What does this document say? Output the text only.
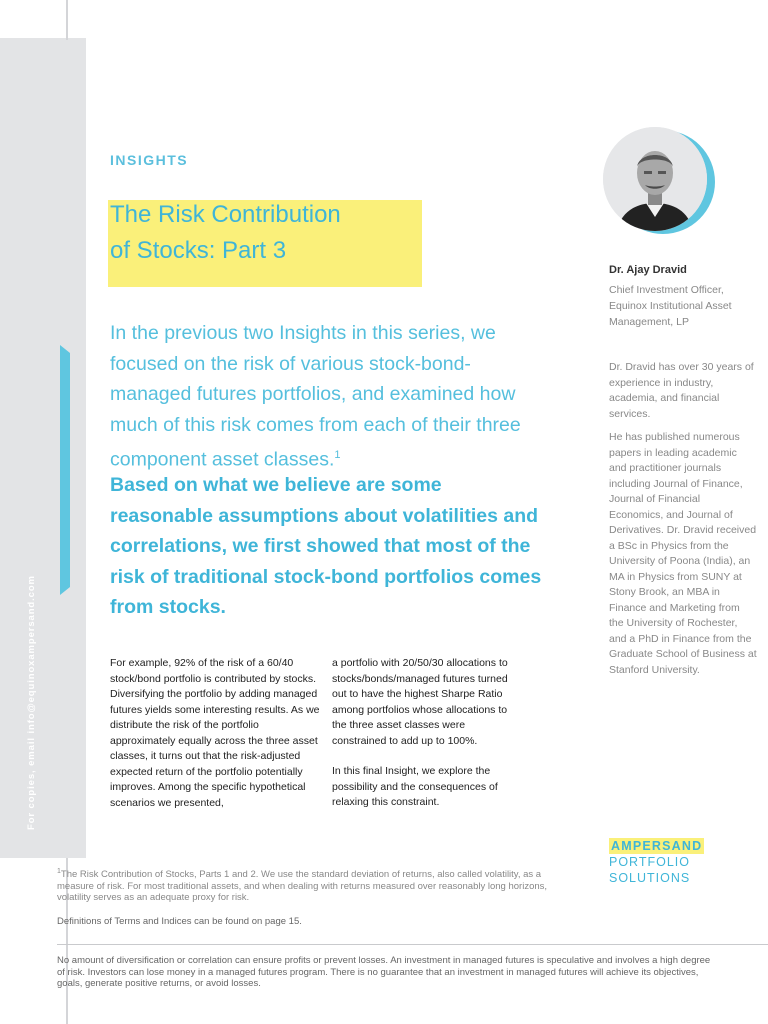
For copies, email info@equinoxampersand.com
INSIGHTS
The Risk Contribution
of Stocks: Part 3
In the previous two Insights in this series, we focused on the risk of various stock-bond-managed futures portfolios, and examined how much of this risk comes from each of their three component asset classes.$^1$
Based on what we believe are some reasonable assumptions about volatilities and correlations, we first showed that most of the risk of traditional stock-bond portfolios comes from stocks.
For example, 92% of the risk of a 60/40 stock/bond portfolio is contributed by stocks. Diversifying the portfolio by adding managed futures yields some interesting results. As we distribute the risk of the portfolio approximately equally across the three asset classes, it turns out that the risk-adjusted expected return of the portfolio potentially improves. Among the specific hypothetical scenarios we presented,

a portfolio with 20/50/30 allocations to stocks/bonds/managed futures turned out to have the highest Sharpe Ratio among portfolios whose allocations to the three asset classes were constrained to add up to 100%.

In this final Insight, we explore the possibility and the consequences of relaxing this constraint.

Dr. Ajay Dravid
Chief Investment Officer, Equinox Institutional Asset Management, LP

Dr. Dravid has over 30 years of experience in industry, academia, and financial services.

He has published numerous papers in leading academic and practitioner journals including Journal of Finance, Journal of Financial Economics, and Journal of Derivatives. Dr. Dravid received a BSc in Physics from the University of Poona (India), an MA in Physics from SUNY at Stony Brook, an MBA in Finance and Marketing from the University of Rochester, and a PhD in Finance from the Graduate School of Business at Stanford University.

AMPERSAND
PORTFOLIO
SOLUTIONS
$^1$The Risk Contribution of Stocks, Parts 1 and 2. We use the standard deviation of returns, also called volatility, as a measure of risk. For most traditional assets, and when dealing with returns measured over reasonably long horizons, volatility serves as an adequate proxy for risk.
Definitions of Terms and Indices can be found on page 15.
No amount of diversification or correlation can ensure profits or prevent losses. An investment in managed futures is speculative and involves a high degree of risk. Investors can lose money in a managed futures program. There is no guarantee that an investment in managed futures will achieve its objectives, goals, generate positive returns, or avoid losses.
